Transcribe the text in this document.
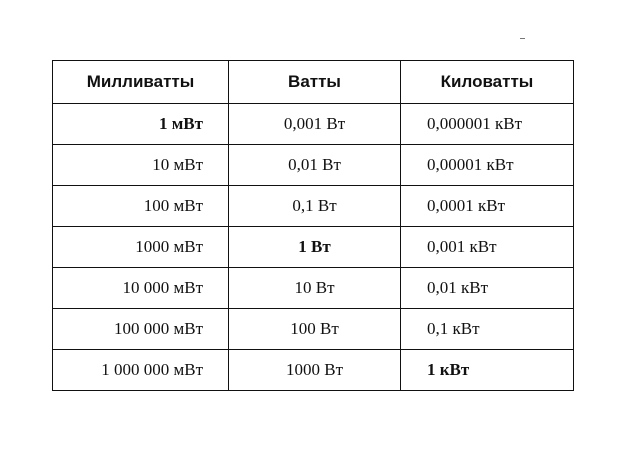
Милливатты	Ватты	Киловатты
1 мВт	0,001 Вт	0,000001 кВт
10 мВт	0,01 Вт	0,00001 кВт
100 мВт	0,1 Вт	0,0001 кВт
1000 мВт	1 Вт	0,001 кВт
10 000 мВт	10 Вт	0,01 кВт
100 000 мВт	100 Вт	0,1 кВт
1 000 000 мВт	1000 Вт	1 кВт
